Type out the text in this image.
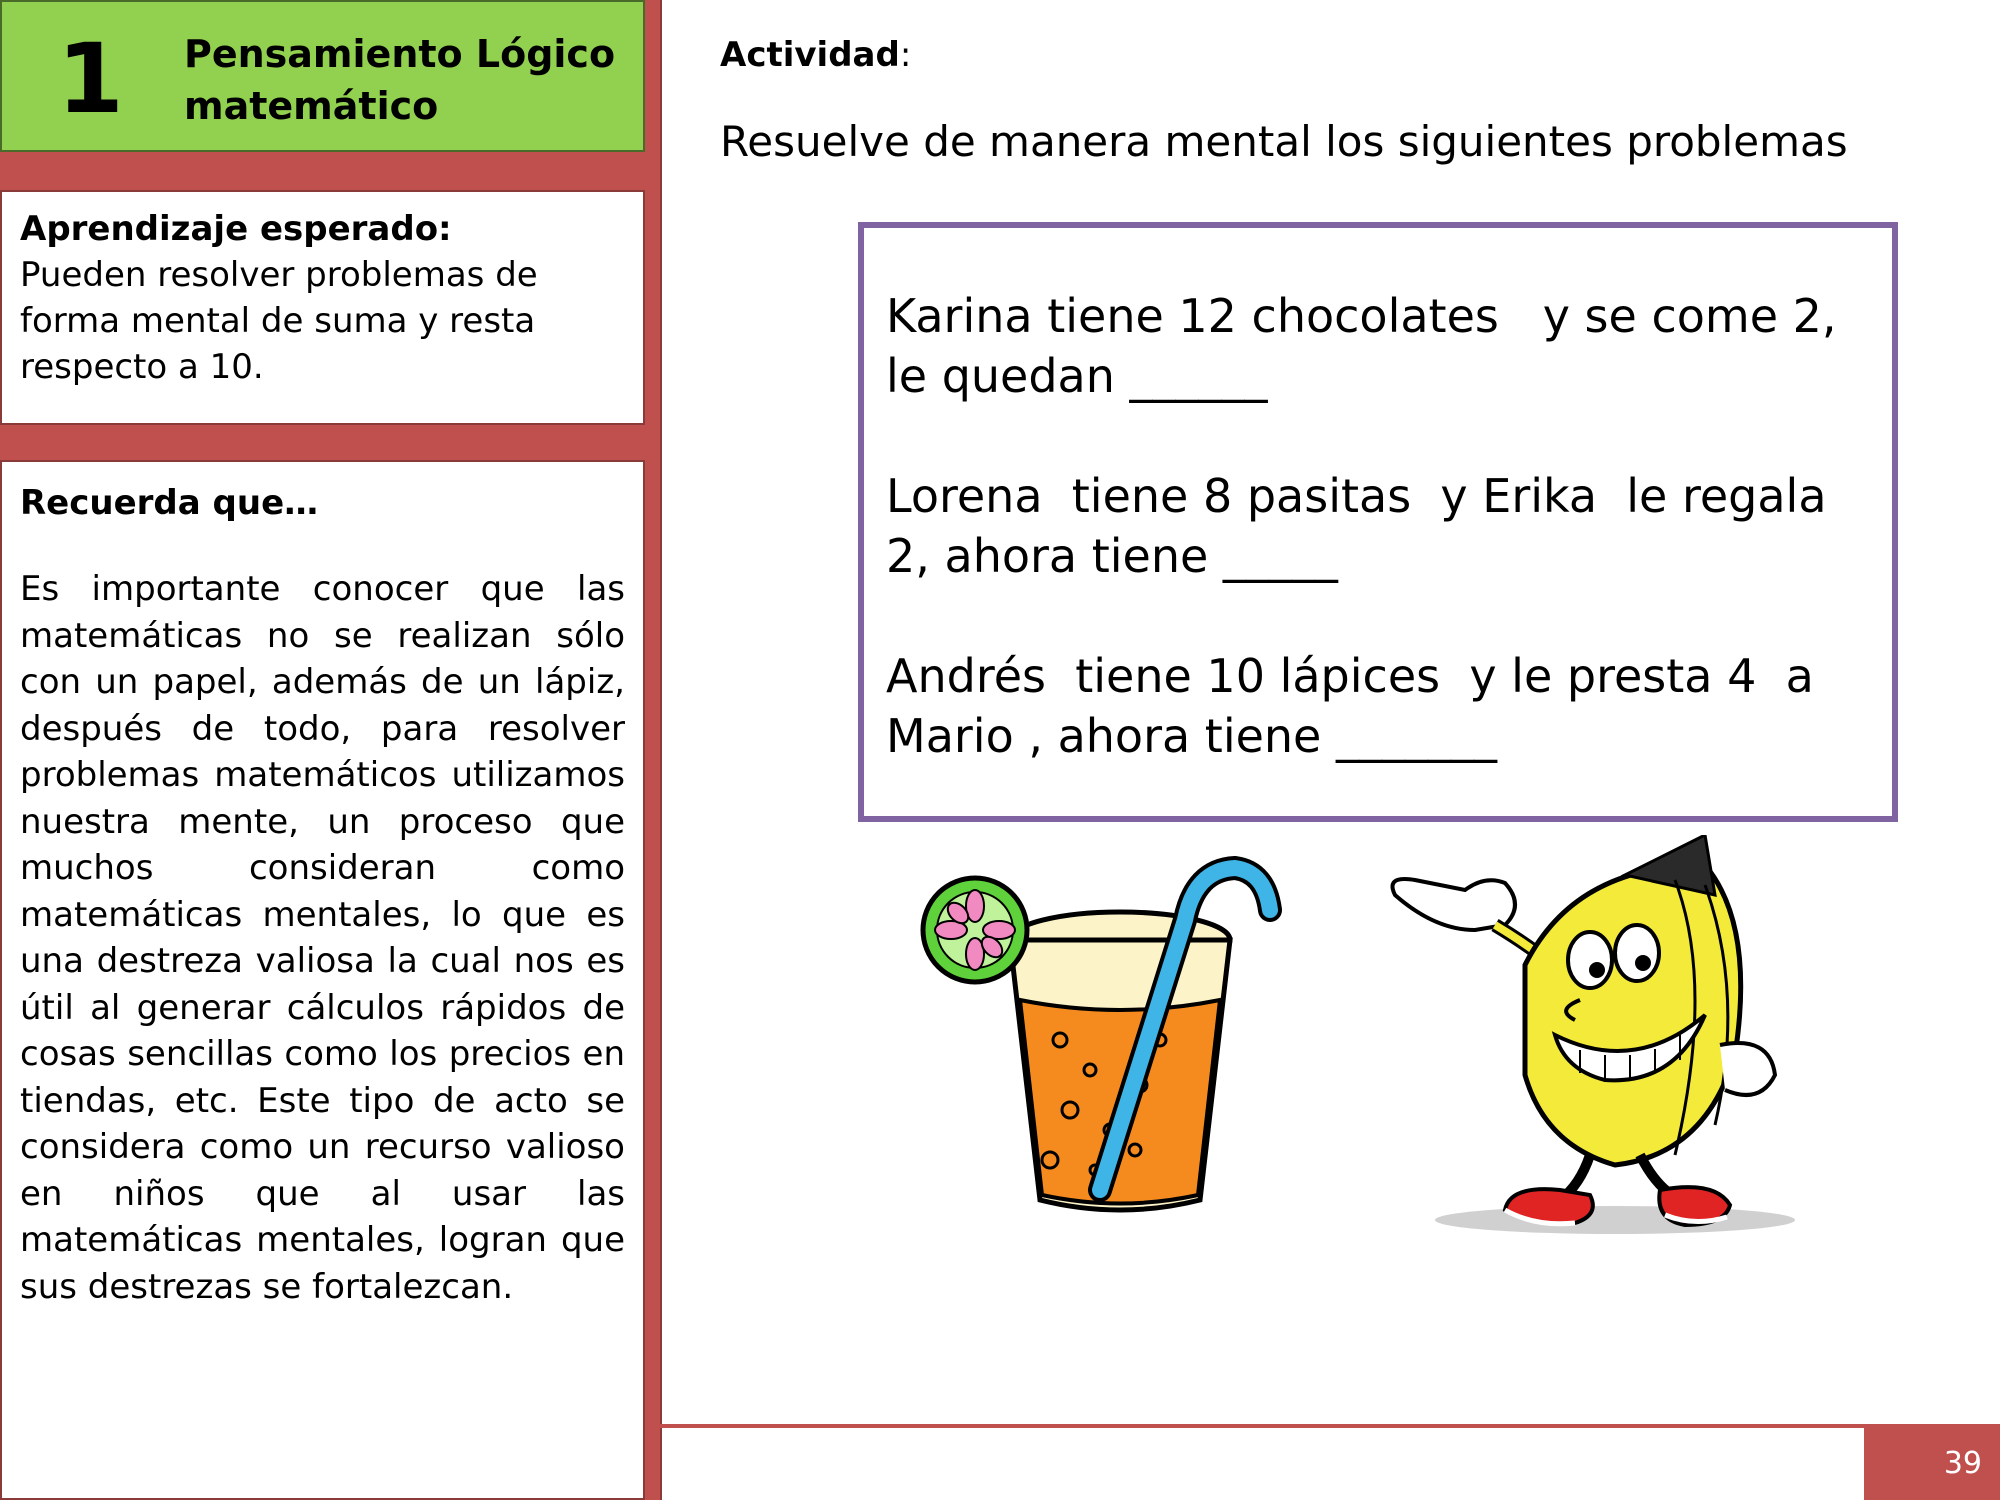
1 Pensamiento Lógico
matemático
Aprendizaje esperado:
Pueden resolver problemas de
forma mental de suma y resta
respecto a 10.
Recuerda que…
Es importante conocer que las matemáticas no se realizan sólo con un papel, además de un lápiz, después de todo, para resolver problemas matemáticos utilizamos nuestra mente, un proceso que muchos consideran como matemáticas mentales, lo que es una destreza valiosa la cual nos es útil al generar cálculos rápidos de cosas sencillas como los precios en tiendas, etc. Este tipo de acto se considera como un recurso valioso en niños que al usar las matemáticas mentales, logran que sus destrezas se fortalezcan.
Actividad:
Resuelve de manera mental los siguientes problemas
Karina tiene 12 chocolates   y se come 2,
le quedan ______
Lorena  tiene 8 pasitas  y Erika  le regala
2, ahora tiene _____
Andrés  tiene 10 lápices  y le presta 4  a
Mario , ahora tiene _______
39
